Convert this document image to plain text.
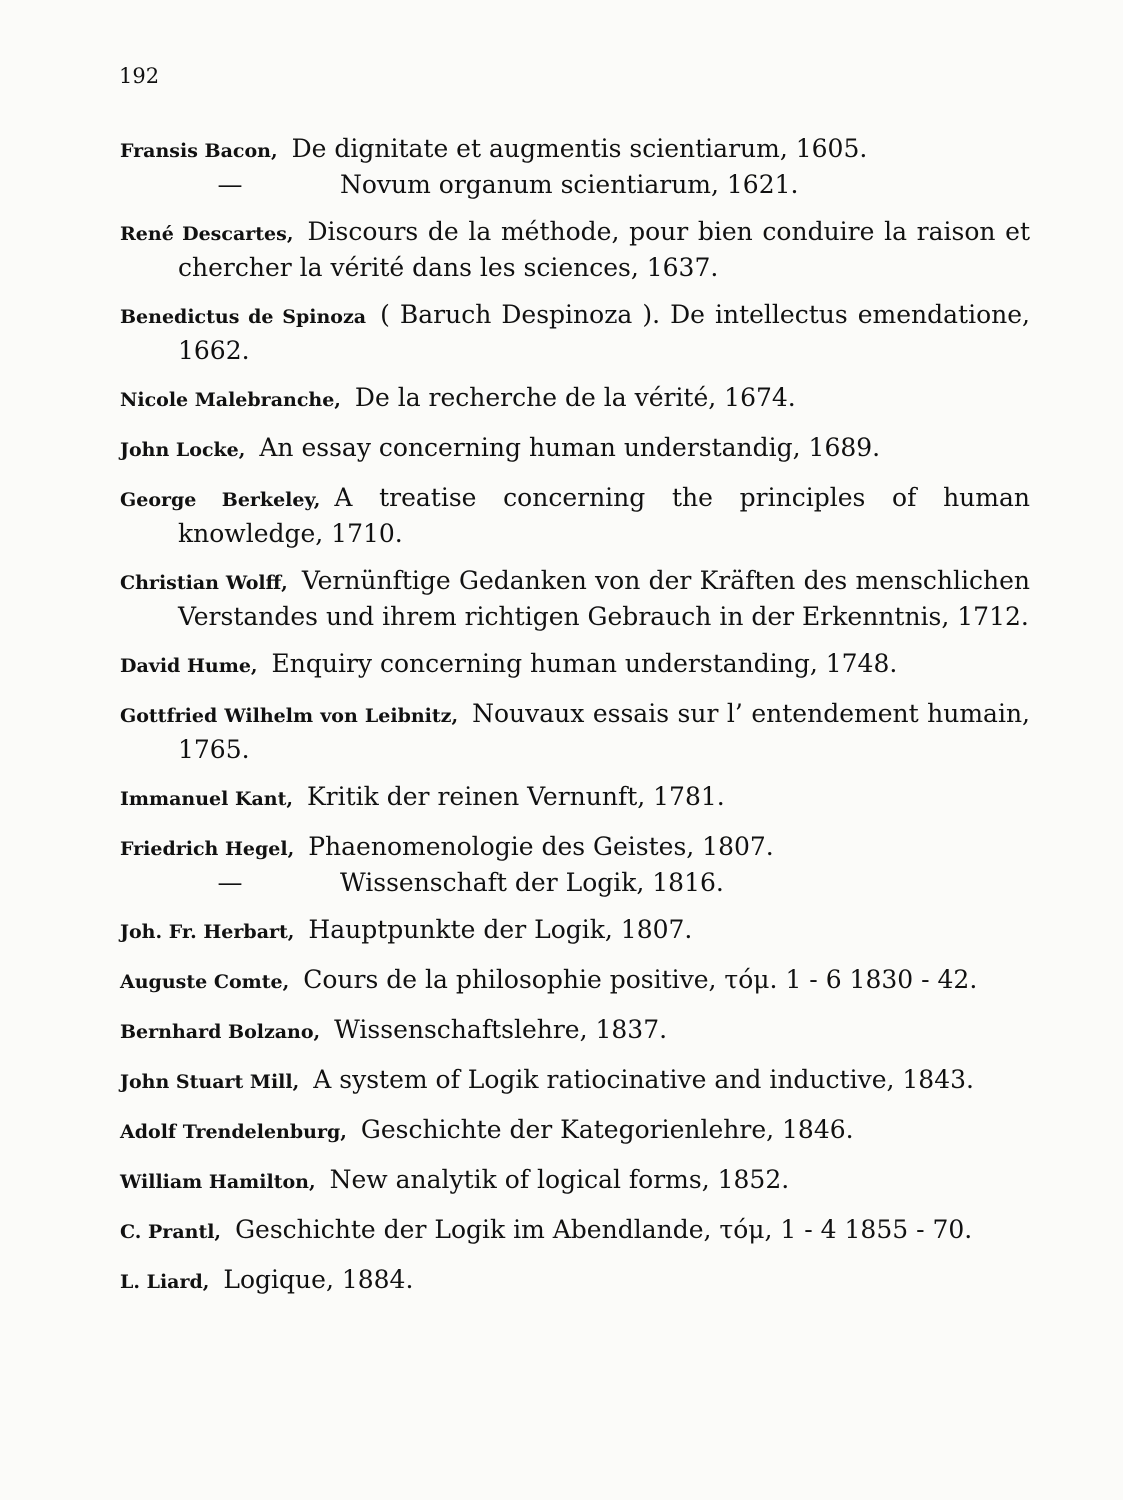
192
Fransis Bacon, De dignitate et augmentis scientiarum, 1605.
—	Novum organum scientiarum, 1621.
René Descartes, Discours de la méthode, pour bien conduire la raison et chercher la vérité dans les sciences, 1637.
Benedictus de Spinoza ( Baruch Despinoza ). De intellectus emendatione, 1662.
Nicole Malebranche, De la recherche de la vérité, 1674.
John Locke, An essay concerning human understandig, 1689.
George Berkeley, A treatise concerning the principles of human knowledge, 1710.
Christian Wolff, Vernünftige Gedanken von der Kräften des menschlichen Verstandes und ihrem richtigen Gebrauch in der Erkenntnis, 1712.
David Hume, Enquiry concerning human understanding, 1748.
Gottfried Wilhelm von Leibnitz, Nouvaux essais sur l’ entendement humain, 1765.
Immanuel Kant, Kritik der reinen Vernunft, 1781.
Friedrich Hegel, Phaenomenologie des Geistes, 1807.
—	Wissenschaft der Logik, 1816.
Joh. Fr. Herbart, Hauptpunkte der Logik, 1807.
Auguste Comte, Cours de la philosophie positive, τόμ. 1 - 6 1830 - 42.
Bernhard Bolzano, Wissenschaftslehre, 1837.
John Stuart Mill, A system of Logik ratiocinative and inductive, 1843.
Adolf Trendelenburg, Geschichte der Kategorienlehre, 1846.
William Hamilton, New analytik of logical forms, 1852.
C. Prantl, Geschichte der Logik im Abendlande, τόμ, 1 - 4 1855 - 70.
L. Liard, Logique, 1884.
